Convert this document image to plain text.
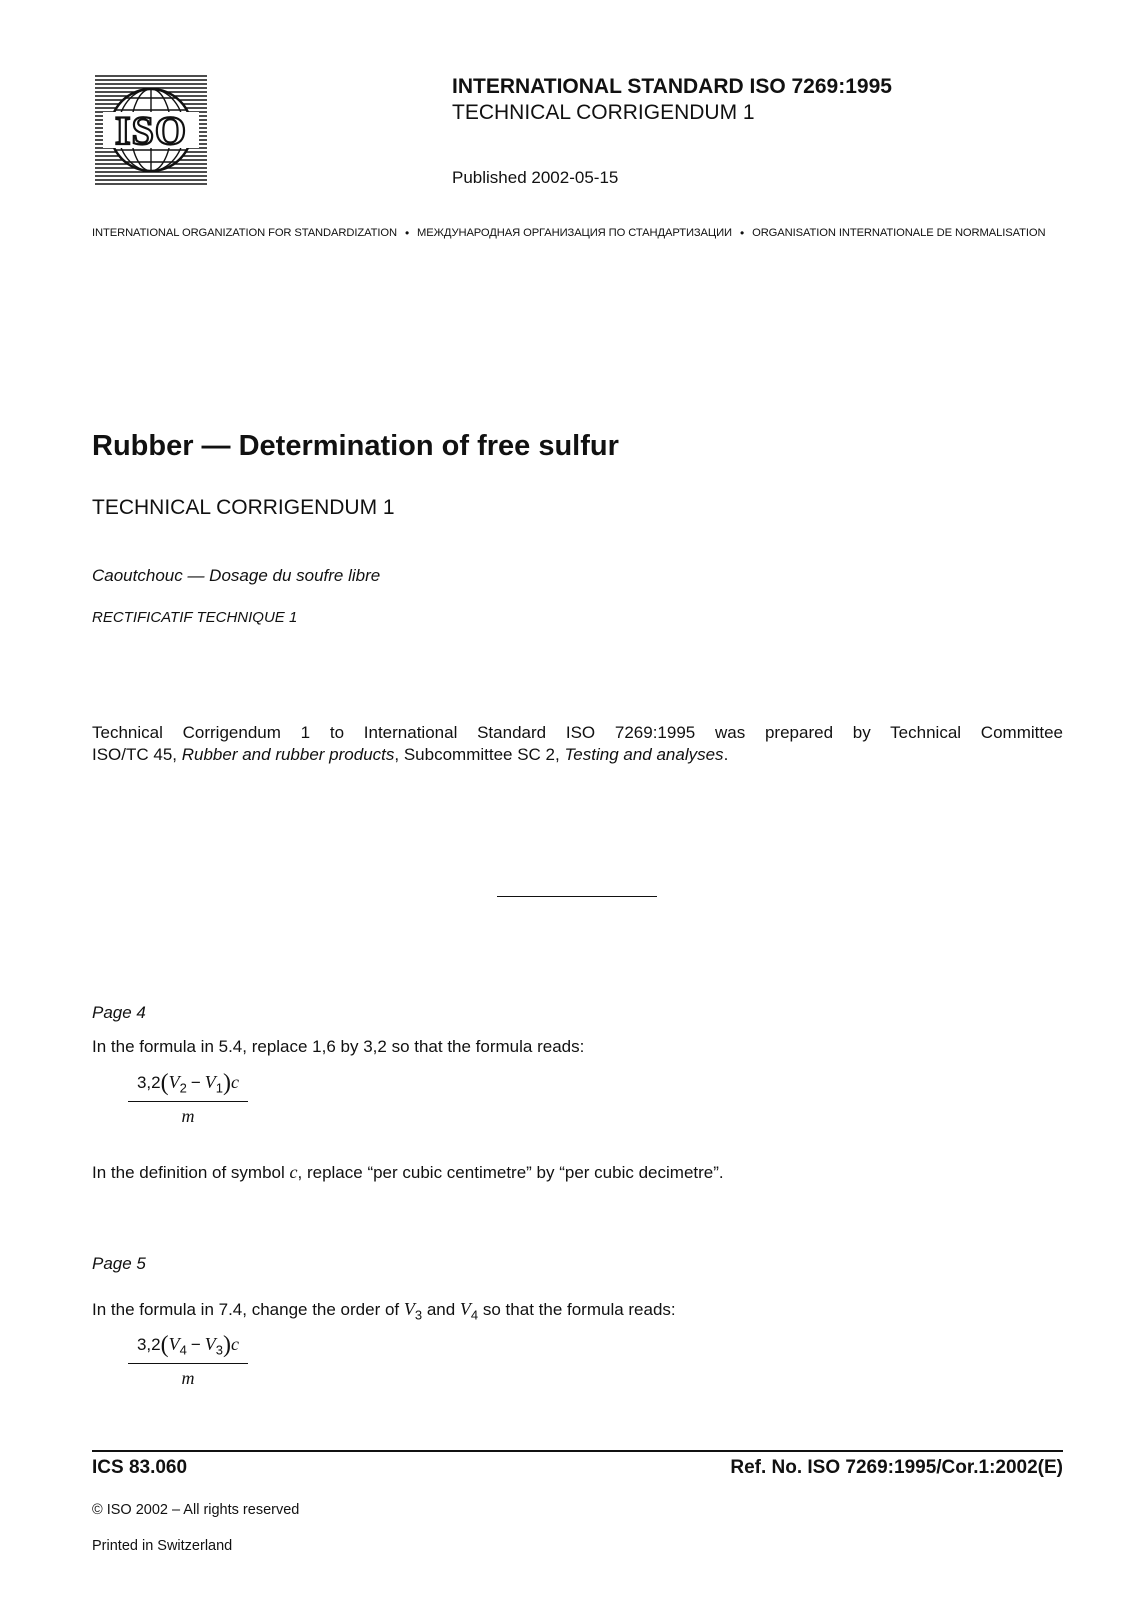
ISO
INTERNATIONAL STANDARD ISO 7269:1995
TECHNICAL CORRIGENDUM 1
Published 2002-05-15
INTERNATIONAL ORGANIZATION FOR STANDARDIZATION • МЕЖДУНАРОДНАЯ ОРГАНИЗАЦИЯ ПО СТАНДАРТИЗАЦИИ • ORGANISATION INTERNATIONALE DE NORMALISATION
Rubber — Determination of free sulfur
TECHNICAL CORRIGENDUM 1
Caoutchouc — Dosage du soufre libre
RECTIFICATIF TECHNIQUE 1
Technical Corrigendum 1 to International Standard ISO 7269:1995 was prepared by Technical Committee
ISO/TC 45, Rubber and rubber products, Subcommittee SC 2, Testing and analyses.
Page 4
In the formula in 5.4, replace 1,6 by 3,2 so that the formula reads:
$3,2(V_2 - V_1)c$
m
In the definition of symbol c, replace “per cubic centimetre” by “per cubic decimetre”.
Page 5
In the formula in 7.4, change the order of $V_3$ and $V_4$ so that the formula reads:
$3,2(V_4 - V_3)c$
m
ICS 83.060	Ref. No. ISO 7269:1995/Cor.1:2002(E)
© ISO 2002 – All rights reserved
Printed in Switzerland
